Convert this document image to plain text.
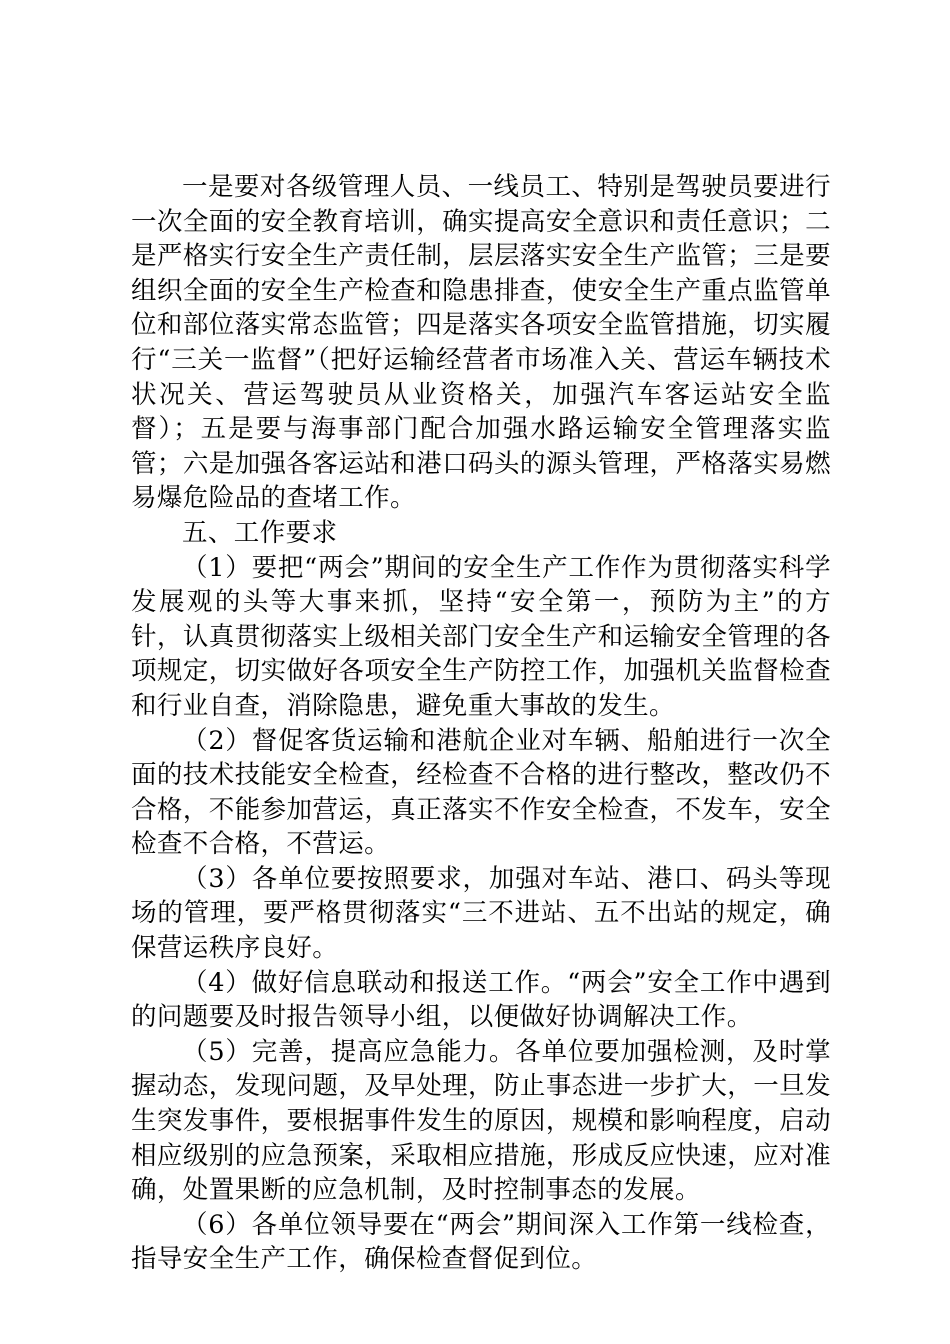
一是要对各级管理人员、一线员工、特别是驾驶员要进行一次全面的安全教育培训，确实提高安全意识和责任意识；二是严格实行安全生产责任制，层层落实安全生产监管；三是要组织全面的安全生产检查和隐患排查，使安全生产重点监管单位和部位落实常态监管；四是落实各项安全监管措施，切实履行“三关一监督”（把好运输经营者市场准入关、营运车辆技术状况关、营运驾驶员从业资格关，加强汽车客运站安全监督）；五是要与海事部门配合加强水路运输安全管理落实监管；六是加强各客运站和港口码头的源头管理，严格落实易燃易爆危险品的查堵工作。

五、工作要求

（1）要把“两会”期间的安全生产工作作为贯彻落实科学发展观的头等大事来抓，坚持“安全第一，预防为主”的方针，认真贯彻落实上级相关部门安全生产和运输安全管理的各项规定，切实做好各项安全生产防控工作，加强机关监督检查和行业自查，消除隐患，避免重大事故的发生。

（2）督促客货运输和港航企业对车辆、船舶进行一次全面的技术技能安全检查，经检查不合格的进行整改，整改仍不合格，不能参加营运，真正落实不作安全检查，不发车，安全检查不合格，不营运。

（3）各单位要按照要求，加强对车站、港口、码头等现场的管理，要严格贯彻落实“三不进站、五不出站的规定，确保营运秩序良好。

（4）做好信息联动和报送工作。“两会”安全工作中遇到的问题要及时报告领导小组，以便做好协调解决工作。

（5）完善，提高应急能力。各单位要加强检测，及时掌握动态，发现问题，及早处理，防止事态进一步扩大，一旦发生突发事件，要根据事件发生的原因，规模和影响程度，启动相应级别的应急预案，采取相应措施，形成反应快速，应对准确，处置果断的应急机制，及时控制事态的发展。

（6）各单位领导要在“两会”期间深入工作第一线检查，指导安全生产工作，确保检查督促到位。
